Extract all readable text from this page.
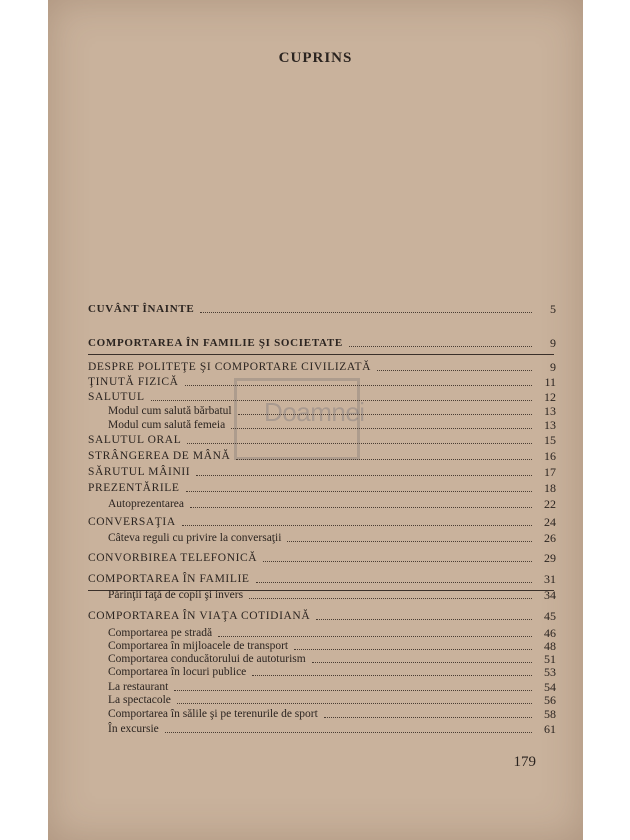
CUPRINS
Doamnei
CUVÂNT ÎNAINTE	5
COMPORTAREA ÎN FAMILIE ŞI SOCIETATE	9
DESPRE POLITEŢE ŞI COMPORTARE CIVILIZATĂ	9
ŢINUTĂ FIZICĂ	11
SALUTUL	12
Modul cum salută bărbatul	13
Modul cum salută femeia	13
SALUTUL ORAL	15
STRÂNGEREA DE MÂNĂ	16
SĂRUTUL MÂINII	17
PREZENTĂRILE	18
Autoprezentarea	22
CONVERSAŢIA	24
Câteva reguli cu privire la conversaţii	26
CONVORBIREA TELEFONICĂ	29
COMPORTAREA ÎN FAMILIE	31
Părinţii faţă de copii şi invers	34
COMPORTAREA ÎN VIAŢA COTIDIANĂ	45
Comportarea pe stradă	46
Comportarea în mijloacele de transport	48
Comportarea conducătorului de autoturism	51
Comportarea în locuri publice	53
La restaurant	54
La spectacole	56
Comportarea în sălile şi pe terenurile de sport	58
În excursie	61
179
